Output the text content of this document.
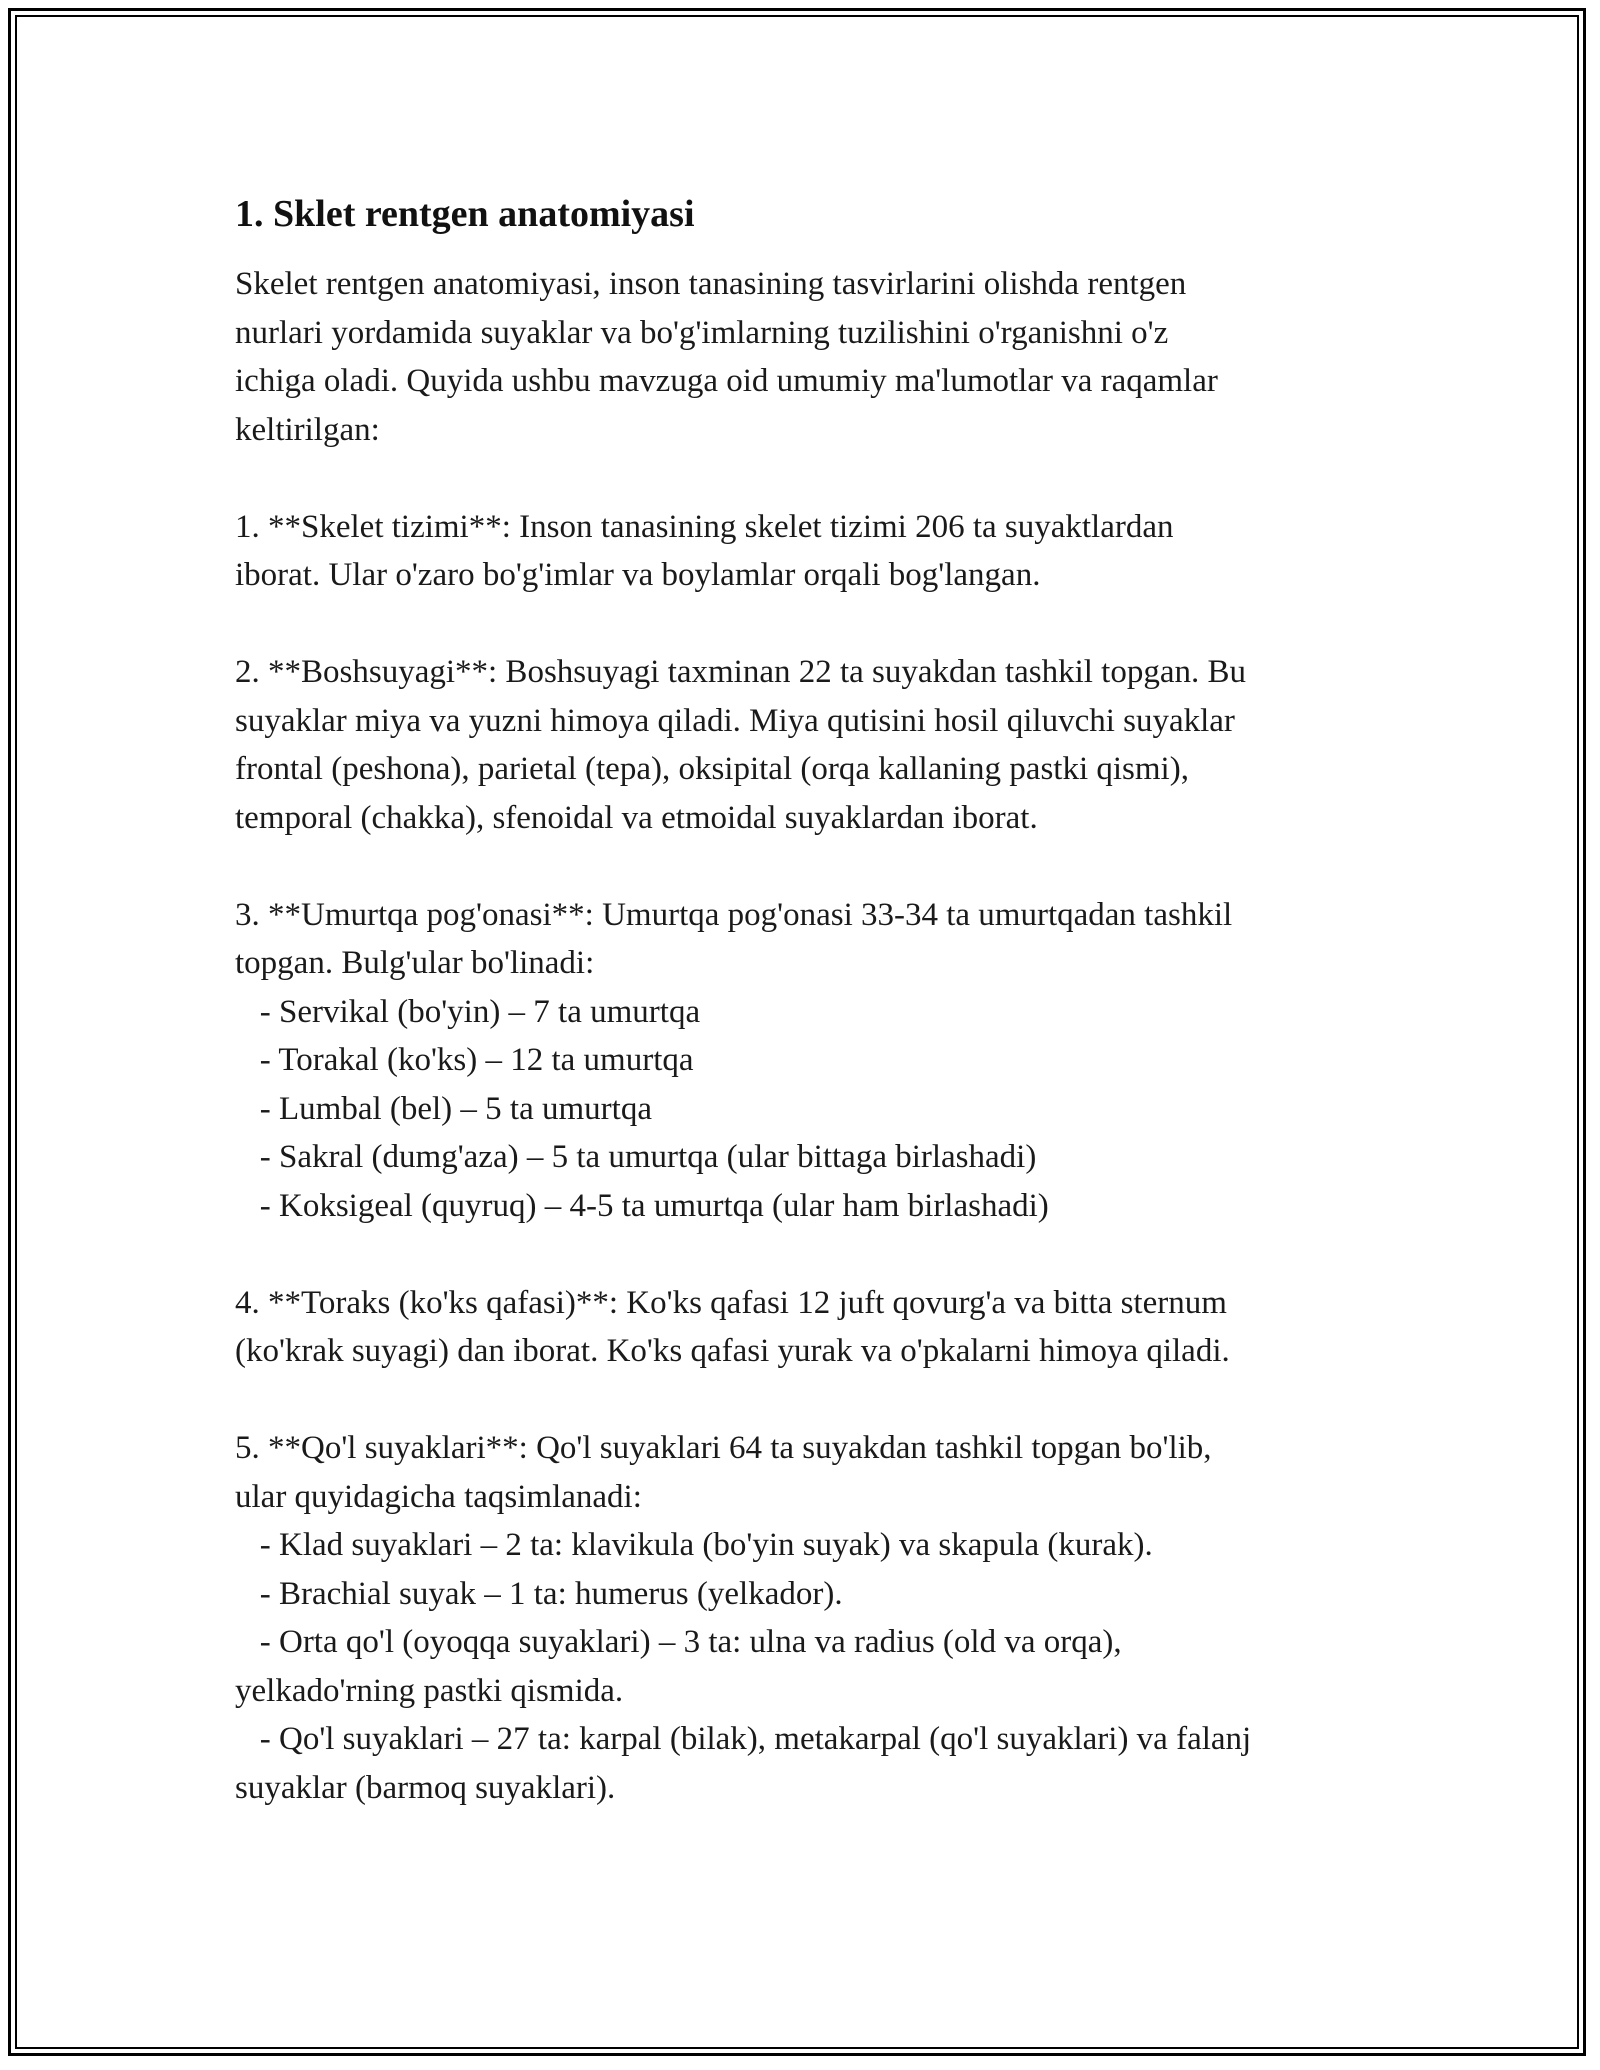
1. Sklet rentgen anatomiyasi

Skelet rentgen anatomiyasi, inson tanasining tasvirlarini olishda rentgen
nurlari yordamida suyaklar va bo'g'imlarning tuzilishini o'rganishni o'z
ichiga oladi. Quyida ushbu mavzuga oid umumiy ma'lumotlar va raqamlar
keltirilgan:

1. **Skelet tizimi**: Inson tanasining skelet tizimi 206 ta suyaktlardan
iborat. Ular o'zaro bo'g'imlar va boylamlar orqali bog'langan.

2. **Boshsuyagi**: Boshsuyagi taxminan 22 ta suyakdan tashkil topgan. Bu
suyaklar miya va yuzni himoya qiladi. Miya qutisini hosil qiluvchi suyaklar
frontal (peshona), parietal (tepa), oksipital (orqa kallaning pastki qismi),
temporal (chakka), sfenoidal va etmoidal suyaklardan iborat.

3. **Umurtqa pog'onasi**: Umurtqa pog'onasi 33-34 ta umurtqadan tashkil
topgan. Bulg'ular bo'linadi:
- Servikal (bo'yin) – 7 ta umurtqa
- Torakal (ko'ks) – 12 ta umurtqa
- Lumbal (bel) – 5 ta umurtqa
- Sakral (dumg'aza) – 5 ta umurtqa (ular bittaga birlashadi)
- Koksigeal (quyruq) – 4-5 ta umurtqa (ular ham birlashadi)

4. **Toraks (ko'ks qafasi)**: Ko'ks qafasi 12 juft qovurg'a va bitta sternum
(ko'krak suyagi) dan iborat. Ko'ks qafasi yurak va o'pkalarni himoya qiladi.

5. **Qo'l suyaklari**: Qo'l suyaklari 64 ta suyakdan tashkil topgan bo'lib,
ular quyidagicha taqsimlanadi:
- Klad suyaklari – 2 ta: klavikula (bo'yin suyak) va skapula (kurak).
- Brachial suyak – 1 ta: humerus (yelkador).
- Orta qo'l (oyoqqa suyaklari) – 3 ta: ulna va radius (old va orqa),
yelkado'rning pastki qismida.
- Qo'l suyaklari – 27 ta: karpal (bilak), metakarpal (qo'l suyaklari) va falanj
suyaklar (barmoq suyaklari).
